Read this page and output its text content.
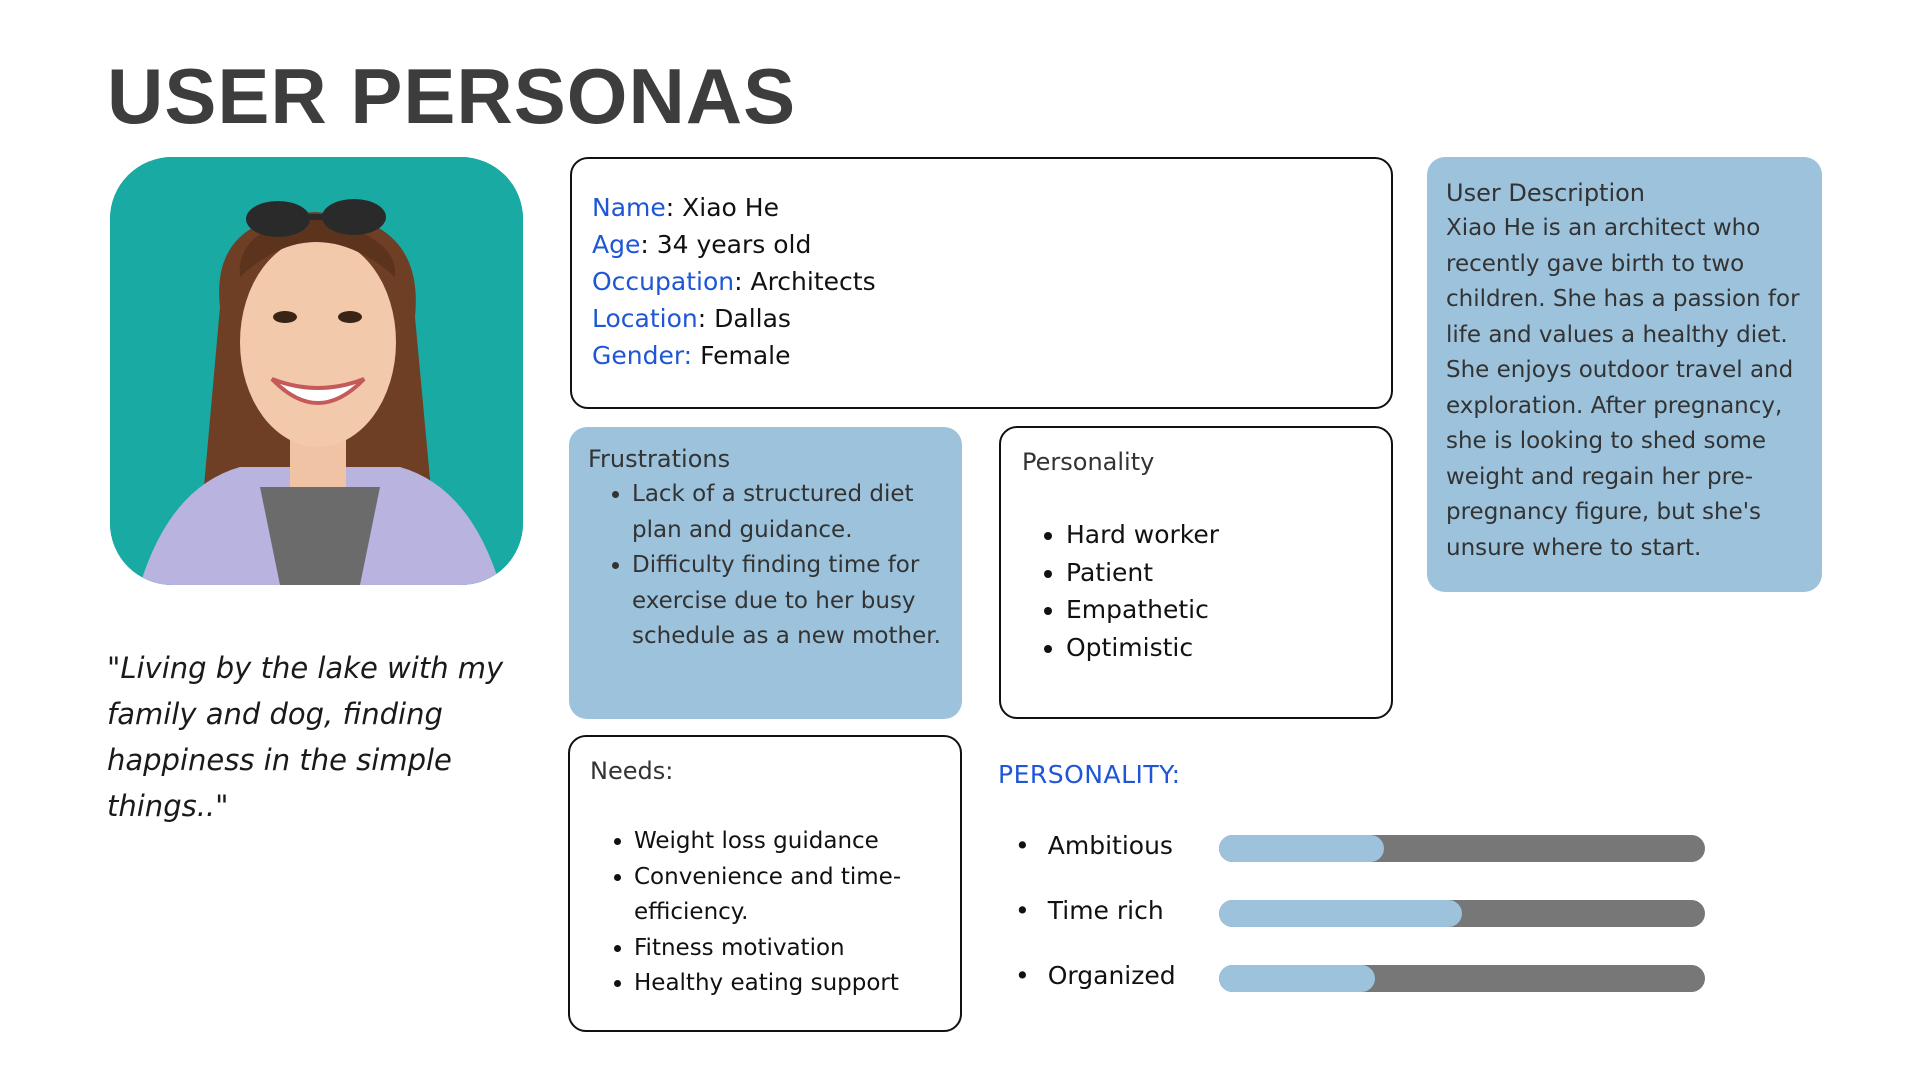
USER PERSONAS
"Living by the lake with my family and dog, finding happiness in the simple things.."
Name: Xiao He
Age: 34 years old
Occupation: Architects
Location: Dallas
Gender: Female
User Description
Xiao He is an architect who recently gave birth to two children. She has a passion for life and values a healthy diet. She enjoys outdoor travel and exploration. After pregnancy, she is looking to shed some weight and regain her pre-pregnancy figure, but she's unsure where to start.
Frustrations
• Lack of a structured diet plan and guidance.
• Difficulty finding time for exercise due to her busy schedule as a new mother.
Personality
• Hard worker
• Patient
• Empathetic
• Optimistic
Needs:
• Weight loss guidance
• Convenience and time-efficiency.
• Fitness motivation
• Healthy eating support
PERSONALITY:
• Ambitious
• Time rich
• Organized
